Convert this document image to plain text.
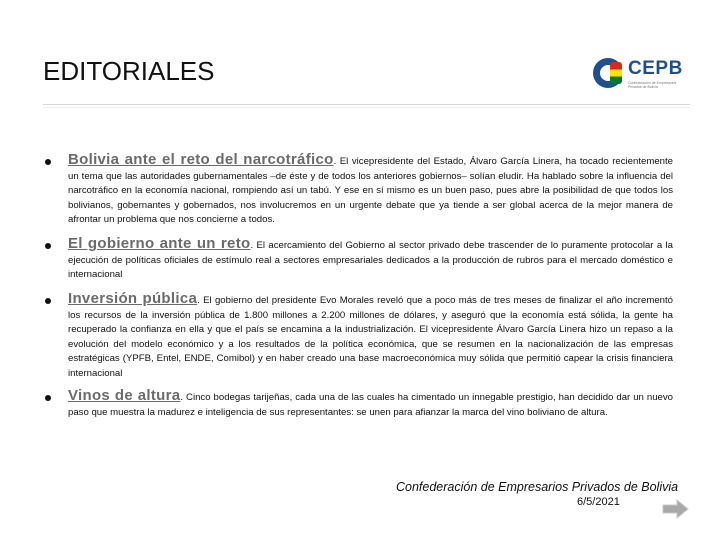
EDITORIALES	CEPB
Confederación de Empresarios Privados de Bolivia
Bolivia ante el reto del narcotráfico. El vicepresidente del Estado, Álvaro García Linera, ha tocado recientemente un tema que las autoridades gubernamentales –de éste y de todos los anteriores gobiernos– solían eludir. Ha hablado sobre la influencia del narcotráfico en la economía nacional, rompiendo así un tabú. Y ese en sí mismo es un buen paso, pues abre la posibilidad de que todos los bolivianos, gobernantes y gobernados, nos involucremos en un urgente debate que ya tiende a ser global acerca de la mejor manera de afrontar un problema que nos concierne a todos.
El gobierno ante un reto. El acercamiento del Gobierno al sector privado debe trascender de lo puramente protocolar a la ejecución de políticas oficiales de estímulo real a sectores empresariales dedicados a la producción de rubros para el mercado doméstico e internacional
Inversión pública. El gobierno del presidente Evo Morales reveló que a poco más de tres meses de finalizar el año incrementó los recursos de la inversión pública de 1.800 millones a 2.200 millones de dólares, y aseguró que la economía está sólida, la gente ha recuperado la confianza en ella y que el país se encamina a la industrialización. El vicepresidente Álvaro García Linera hizo un repaso a la evolución del modelo económico y a los resultados de la política económica, que se resumen en la nacionalización de las empresas estratégicas (YPFB, Entel, ENDE, Comibol) y en haber creado una base macroeconómica muy sólida que permitió capear la crisis financiera internacional
Vinos de altura. Cinco bodegas tarijeñas, cada una de las cuales ha cimentado un innegable prestigio, han decidido dar un nuevo paso que muestra la madurez e inteligencia de sus representantes: se unen para afianzar la marca del vino boliviano de altura.
Confederación de Empresarios Privados de Bolivia
6/5/2021
